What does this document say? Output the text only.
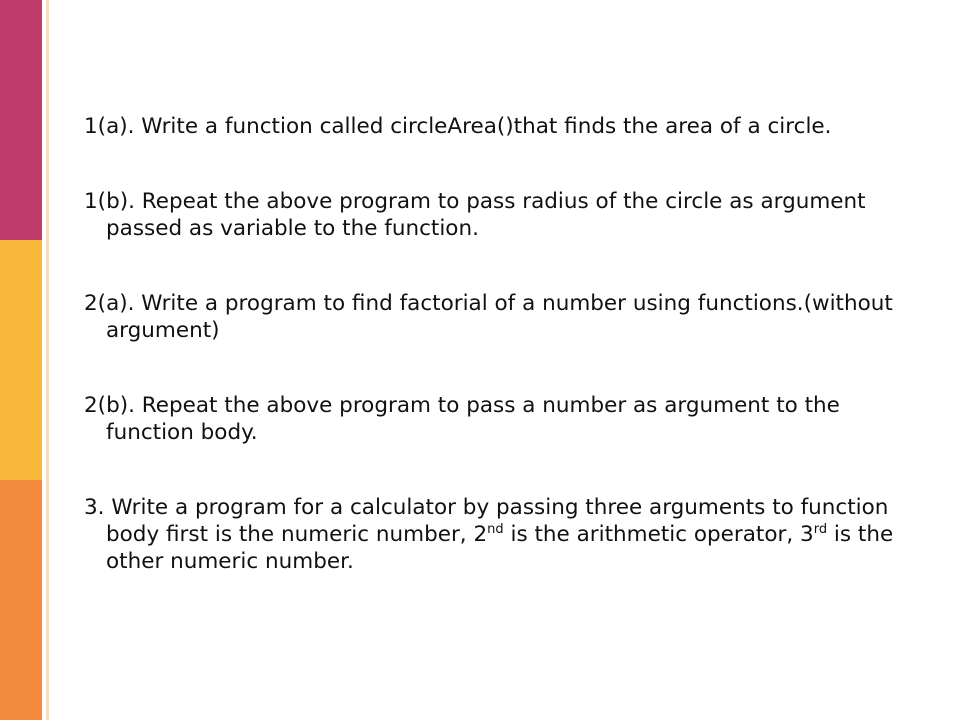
1(a). Write a function called circleArea()that finds the area of a circle.

1(b). Repeat the above program to pass radius of the circle as argument passed as variable to the function.

2(a). Write a program to find factorial of a number using functions.(without argument)

2(b). Repeat the above program to pass a number as argument to the function body.

3. Write a program for a calculator by passing three arguments to function body first is the numeric number, 2nd is the arithmetic operator, 3rd is the other numeric number.
